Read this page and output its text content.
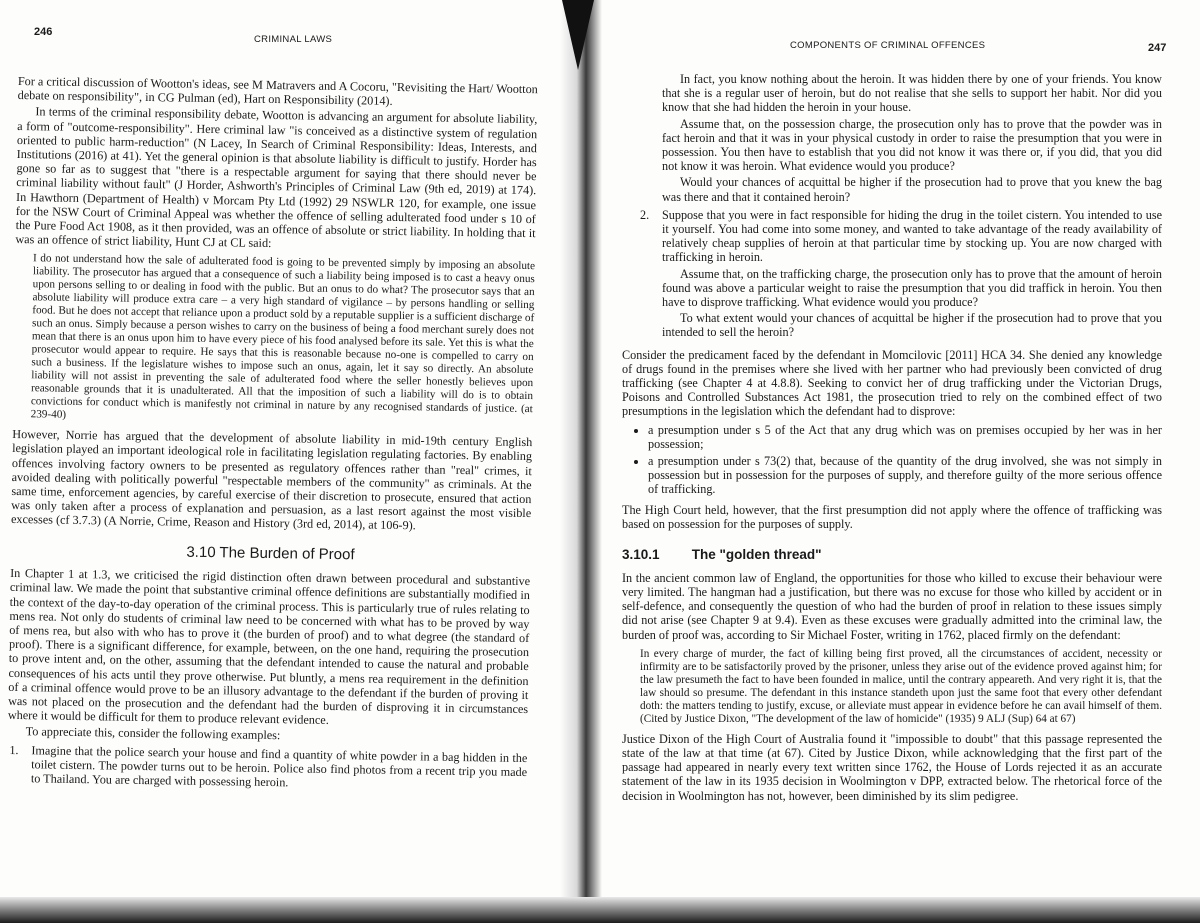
246
CRIMINAL LAWS

For a critical discussion of Wootton's ideas, see M Matravers and A Cocoru, "Revisiting the Hart/ Wootton debate on responsibility", in CG Pulman (ed), Hart on Responsibility (2014).

In terms of the criminal responsibility debate, Wootton is advancing an argument for absolute liability, a form of "outcome-responsibility". Here criminal law "is conceived as a distinctive system of regulation oriented to public harm-reduction" (N Lacey, In Search of Criminal Responsibility: Ideas, Interests, and Institutions (2016) at 41). Yet the general opinion is that absolute liability is difficult to justify. Horder has gone so far as to suggest that "there is a respectable argument for saying that there should never be criminal liability without fault" (J Horder, Ashworth's Principles of Criminal Law (9th ed, 2019) at 174). In Hawthorn (Department of Health) v Morcam Pty Ltd (1992) 29 NSWLR 120, for example, one issue for the NSW Court of Criminal Appeal was whether the offence of selling adulterated food under s 10 of the Pure Food Act 1908, as it then provided, was an offence of absolute or strict liability. In holding that it was an offence of strict liability, Hunt CJ at CL said:

I do not understand how the sale of adulterated food is going to be prevented simply by imposing an absolute liability. The prosecutor has argued that a consequence of such a liability being imposed is to cast a heavy onus upon persons selling to or dealing in food with the public. But an onus to do what? The prosecutor says that an absolute liability will produce extra care – a very high standard of vigilance – by persons handling or selling food. But he does not accept that reliance upon a product sold by a reputable supplier is a sufficient discharge of such an onus. Simply because a person wishes to carry on the business of being a food merchant surely does not mean that there is an onus upon him to have every piece of his food analysed before its sale. Yet this is what the prosecutor would appear to require. He says that this is reasonable because no-one is compelled to carry on such a business. If the legislature wishes to impose such an onus, again, let it say so directly. An absolute liability will not assist in preventing the sale of adulterated food where the seller honestly believes upon reasonable grounds that it is unadulterated. All that the imposition of such a liability will do is to obtain convictions for conduct which is manifestly not criminal in nature by any recognised standards of justice. (at 239-40)

However, Norrie has argued that the development of absolute liability in mid-19th century English legislation played an important ideological role in facilitating legislation regulating factories. By enabling offences involving factory owners to be presented as regulatory offences rather than "real" crimes, it avoided dealing with politically powerful "respectable members of the community" as criminals. At the same time, enforcement agencies, by careful exercise of their discretion to prosecute, ensured that action was only taken after a process of explanation and persuasion, as a last resort against the most visible excesses (cf 3.7.3) (A Norrie, Crime, Reason and History (3rd ed, 2014), at 106-9).

3.10 The Burden of Proof

In Chapter 1 at 1.3, we criticised the rigid distinction often drawn between procedural and substantive criminal law. We made the point that substantive criminal offence definitions are substantially modified in the context of the day-to-day operation of the criminal process. This is particularly true of rules relating to mens rea. Not only do students of criminal law need to be concerned with what has to be proved by way of mens rea, but also with who has to prove it (the burden of proof) and to what degree (the standard of proof). There is a significant difference, for example, between, on the one hand, requiring the prosecution to prove intent and, on the other, assuming that the defendant intended to cause the natural and probable consequences of his acts until they prove otherwise. Put bluntly, a mens rea requirement in the definition of a criminal offence would prove to be an illusory advantage to the defendant if the burden of proving it was not placed on the prosecution and the defendant had the burden of disproving it in circumstances where it would be difficult for them to produce relevant evidence.

To appreciate this, consider the following examples:

1. Imagine that the police search your house and find a quantity of white powder in a bag hidden in the toilet cistern. The powder turns out to be heroin. Police also find photos from a recent trip you made to Thailand. You are charged with possessing heroin.

COMPONENTS OF CRIMINAL OFFENCES	247

In fact, you know nothing about the heroin. It was hidden there by one of your friends. You know that she is a regular user of heroin, but do not realise that she sells to support her habit. Nor did you know that she had hidden the heroin in your house.

Assume that, on the possession charge, the prosecution only has to prove that the powder was in fact heroin and that it was in your physical custody in order to raise the presumption that you were in possession. You then have to establish that you did not know it was there or, if you did, that you did not know it was heroin. What evidence would you produce?

Would your chances of acquittal be higher if the prosecution had to prove that you knew the bag was there and that it contained heroin?

2. Suppose that you were in fact responsible for hiding the drug in the toilet cistern. You intended to use it yourself. You had come into some money, and wanted to take advantage of the ready availability of relatively cheap supplies of heroin at that particular time by stocking up. You are now charged with trafficking in heroin.

Assume that, on the trafficking charge, the prosecution only has to prove that the amount of heroin found was above a particular weight to raise the presumption that you did traffick in heroin. You then have to disprove trafficking. What evidence would you produce?

To what extent would your chances of acquittal be higher if the prosecution had to prove that you intended to sell the heroin?

Consider the predicament faced by the defendant in Momcilovic [2011] HCA 34. She denied any knowledge of drugs found in the premises where she lived with her partner who had previously been convicted of drug trafficking (see Chapter 4 at 4.8.8). Seeking to convict her of drug trafficking under the Victorian Drugs, Poisons and Controlled Substances Act 1981, the prosecution tried to rely on the combined effect of two presumptions in the legislation which the defendant had to disprove:

• a presumption under s 5 of the Act that any drug which was on premises occupied by her was in her possession;
• a presumption under s 73(2) that, because of the quantity of the drug involved, she was not simply in possession but in possession for the purposes of supply, and therefore guilty of the more serious offence of trafficking.

The High Court held, however, that the first presumption did not apply where the offence of trafficking was based on possession for the purposes of supply.

3.10.1 The "golden thread"

In the ancient common law of England, the opportunities for those who killed to excuse their behaviour were very limited. The hangman had a justification, but there was no excuse for those who killed by accident or in self-defence, and consequently the question of who had the burden of proof in relation to these issues simply did not arise (see Chapter 9 at 9.4). Even as these excuses were gradually admitted into the criminal law, the burden of proof was, according to Sir Michael Foster, writing in 1762, placed firmly on the defendant:

In every charge of murder, the fact of killing being first proved, all the circumstances of accident, necessity or infirmity are to be satisfactorily proved by the prisoner, unless they arise out of the evidence proved against him; for the law presumeth the fact to have been founded in malice, until the contrary appeareth. And very right it is, that the law should so presume. The defendant in this instance standeth upon just the same foot that every other defendant doth: the matters tending to justify, excuse, or alleviate must appear in evidence before he can avail himself of them. (Cited by Justice Dixon, "The development of the law of homicide" (1935) 9 ALJ (Sup) 64 at 67)

Justice Dixon of the High Court of Australia found it "impossible to doubt" that this passage represented the state of the law at that time (at 67). Cited by Justice Dixon, while acknowledging that the first part of the passage had appeared in nearly every text written since 1762, the House of Lords rejected it as an accurate statement of the law in its 1935 decision in Woolmington v DPP, extracted below. The rhetorical force of the decision in Woolmington has not, however, been diminished by its slim pedigree.
